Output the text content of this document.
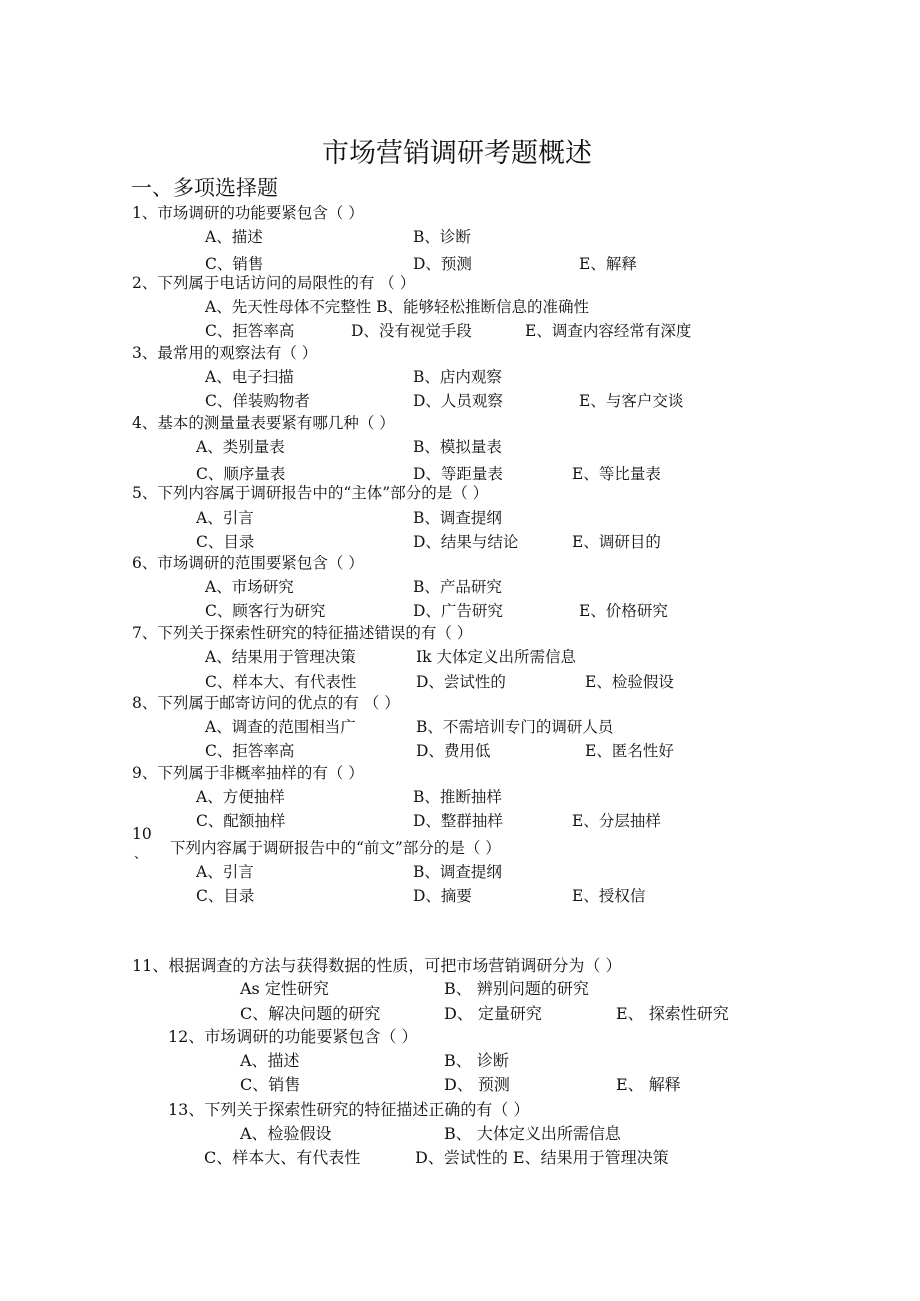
市场营销调研考题概述
一、多项选择题
1、市场调研的功能要紧包含（ ）
A、描述	B、诊断
C、销售	D、预测	E、解释
2、下列属于电话访问的局限性的有 （ ）
A、先天性母体不完整性 B、能够轻松推断信息的准确性
C、拒答率高	D、没有视觉手段	E、调查内容经常有深度
3、最常用的观察法有（ ）
A、电子扫描	B、店内观察
C、佯装购物者	D、人员观察	E、与客户交谈
4、基本的测量量表要紧有哪几种（ ）
A、类别量表	B、模拟量表
C、顺序量表	D、等距量表	E、等比量表
5、下列内容属于调研报告中的“主体”部分的是（ ）
A、引言	B、调查提纲
C、目录	D、结果与结论	E、调研目的
6、市场调研的范围要紧包含（ ）
A、市场研究	B、产品研究
C、顾客行为研究	D、广告研究	E、价格研究
7、下列关于探索性研究的特征描述错误的有（ ）
A、结果用于管理决策	Ik 大体定义出所需信息
C、样本大、有代表性	D、尝试性的	E、检验假设
8、下列属于邮寄访问的优点的有 （ ）
A、调查的范围相当广	B、不需培训专门的调研人员
C、拒答率高	D、费用低	E、匿名性好
9、下列属于非概率抽样的有（ ）
A、方便抽样	B、推断抽样
C、配额抽样	D、整群抽样	E、分层抽样
10
、 下列内容属于调研报告中的“前文”部分的是（ ）
A、引言	B、调查提纲
C、目录	D、摘要	E、授权信
11、根据调查的方法与获得数据的性质，可把市场营销调研分为（ ）
As 定性研究	B、 辨别问题的研究
C、解决问题的研究	D、 定量研究	E、 探索性研究
12、市场调研的功能要紧包含（ ）
A、描述	B、 诊断
C、销售	D、 预测	E、 解释
13、下列关于探索性研究的特征描述正确的有（ ）
A、检验假设	B、 大体定义出所需信息
C、样本大、有代表性	D、尝试性的 E、结果用于管理决策
